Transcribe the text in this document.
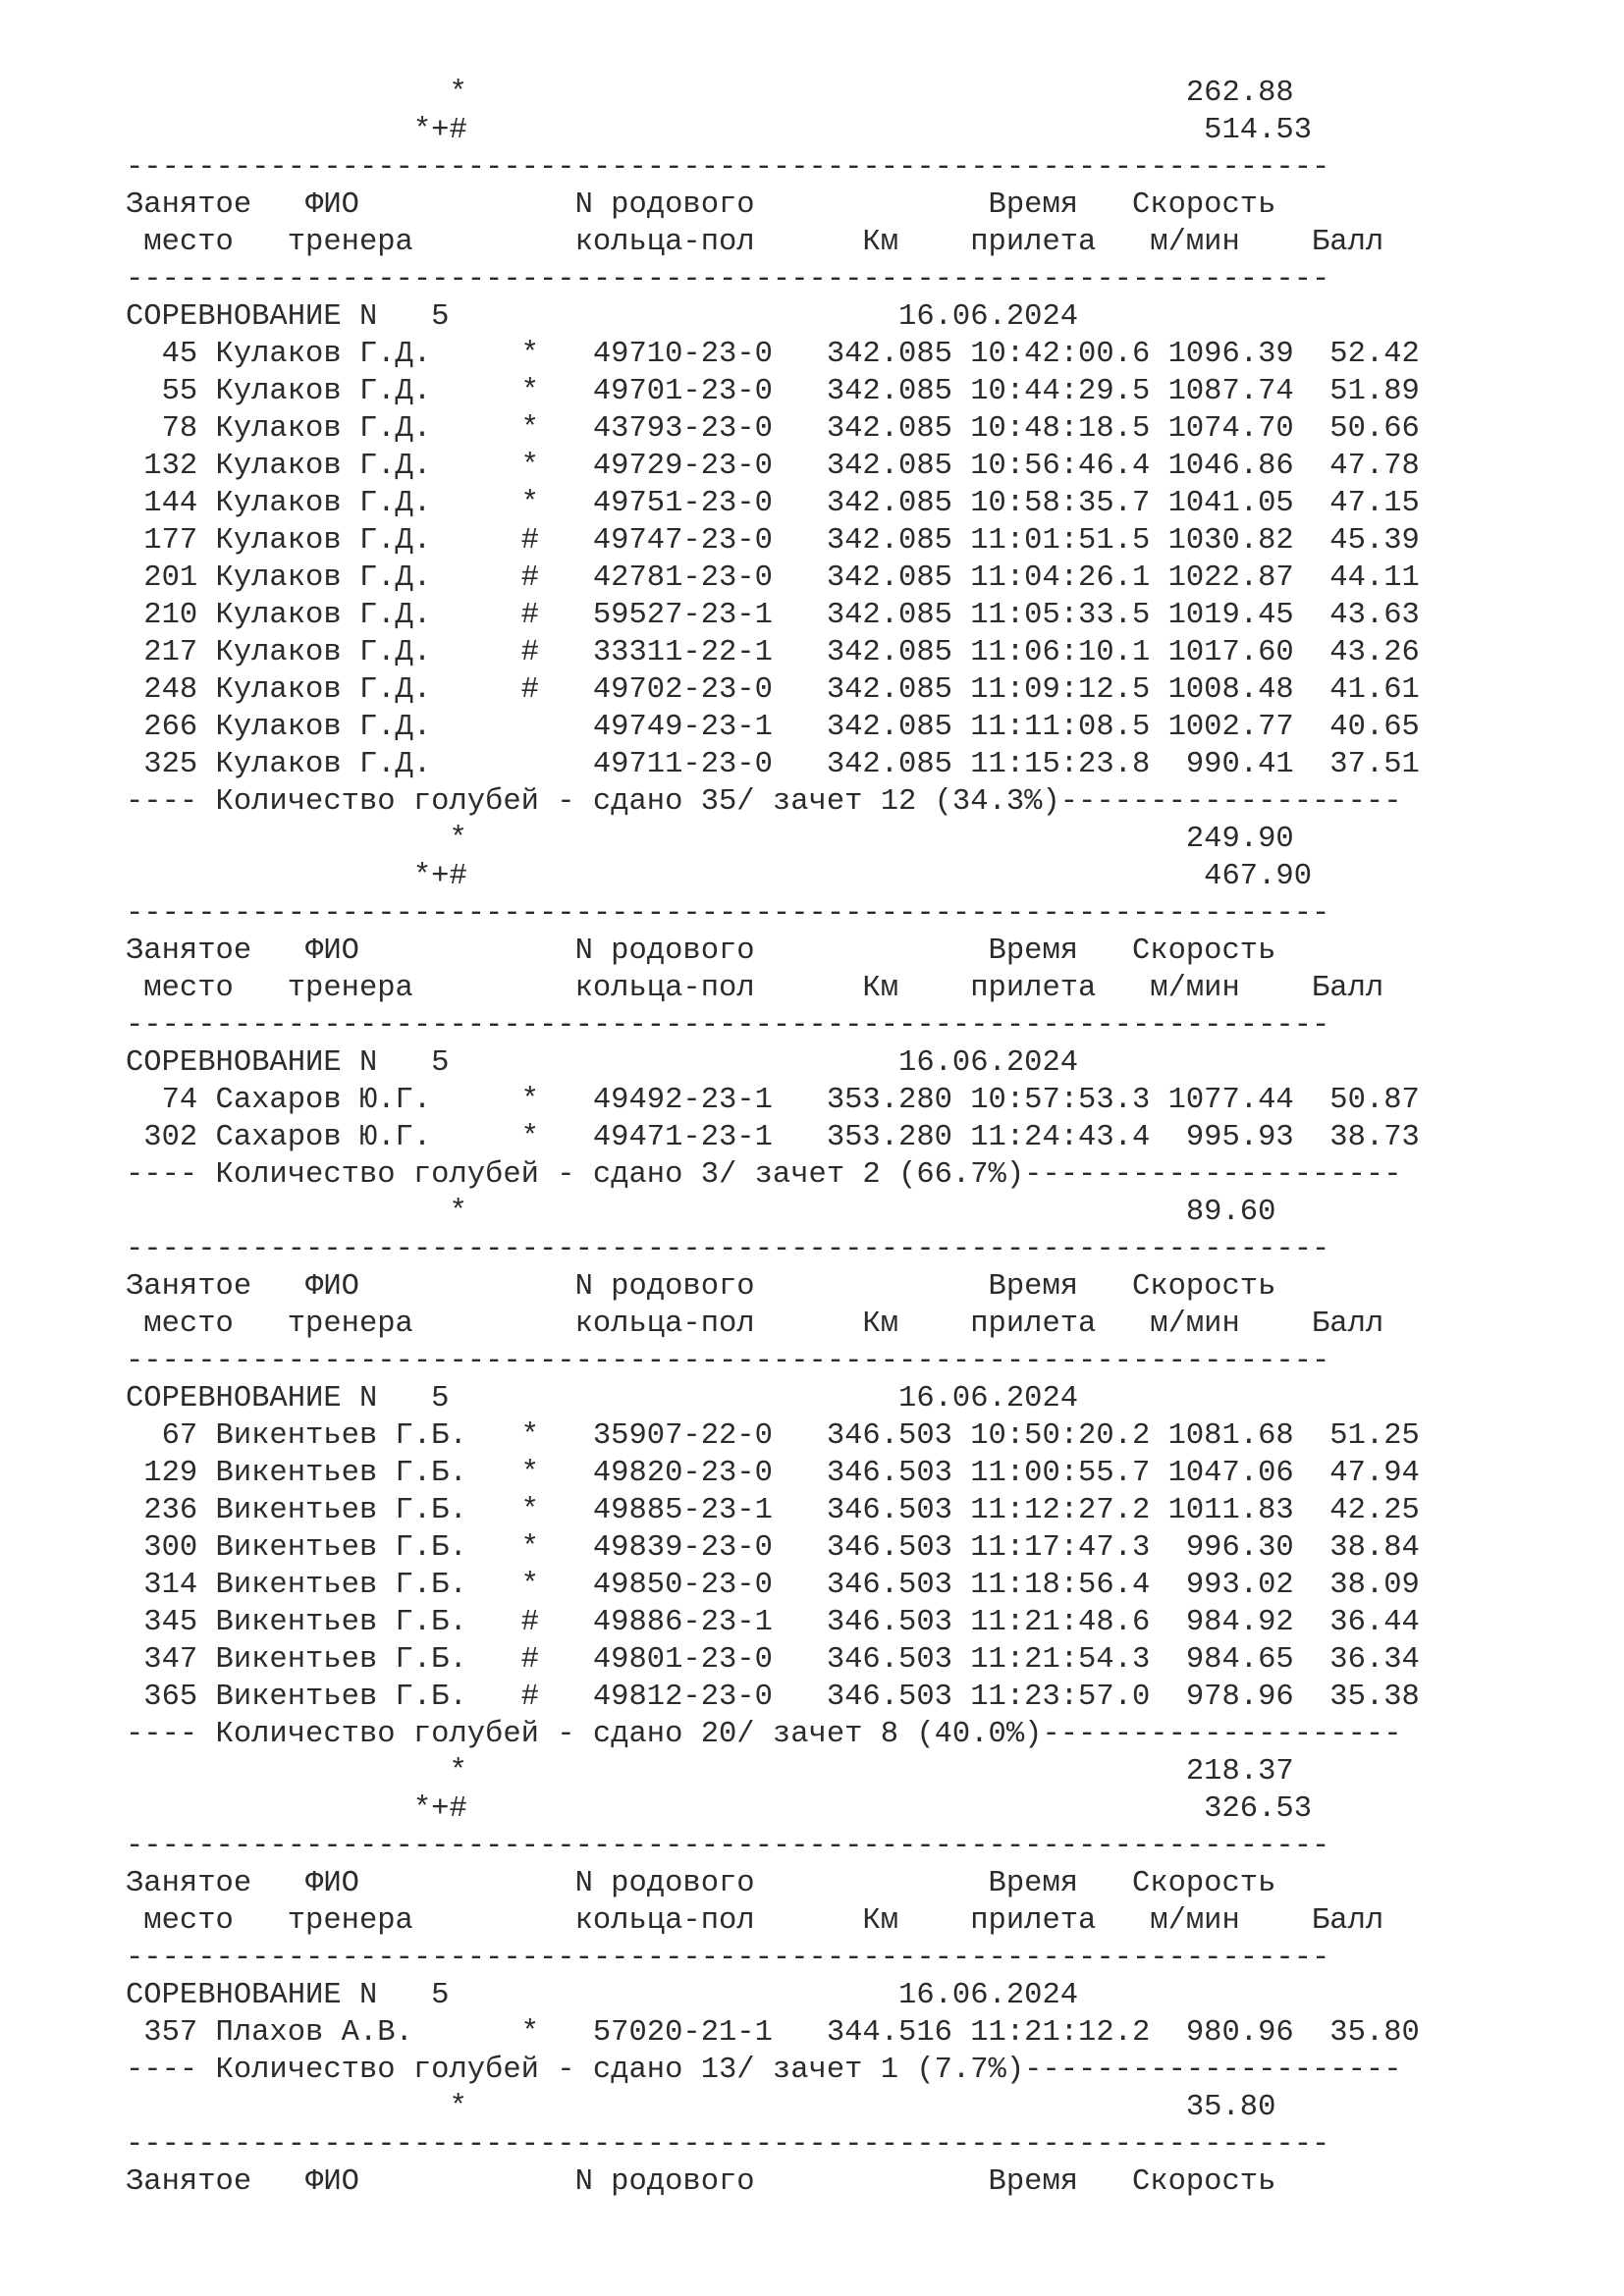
*                                        262.88
*+#                                         514.53
-------------------------------------------------------------------
Занятое   ФИО            N родового             Время   Скорость
место   тренера         кольца-пол      Км    прилета   м/мин    Балл
-------------------------------------------------------------------
СОРЕВНОВАНИЕ N   5                         16.06.2024
45 Кулаков Г.Д.     *   49710-23-0   342.085 10:42:00.6 1096.39  52.42
55 Кулаков Г.Д.     *   49701-23-0   342.085 10:44:29.5 1087.74  51.89
78 Кулаков Г.Д.     *   43793-23-0   342.085 10:48:18.5 1074.70  50.66
132 Кулаков Г.Д.     *   49729-23-0   342.085 10:56:46.4 1046.86  47.78
144 Кулаков Г.Д.     *   49751-23-0   342.085 10:58:35.7 1041.05  47.15
177 Кулаков Г.Д.     #   49747-23-0   342.085 11:01:51.5 1030.82  45.39
201 Кулаков Г.Д.     #   42781-23-0   342.085 11:04:26.1 1022.87  44.11
210 Кулаков Г.Д.     #   59527-23-1   342.085 11:05:33.5 1019.45  43.63
217 Кулаков Г.Д.     #   33311-22-1   342.085 11:06:10.1 1017.60  43.26
248 Кулаков Г.Д.     #   49702-23-0   342.085 11:09:12.5 1008.48  41.61
266 Кулаков Г.Д.         49749-23-1   342.085 11:11:08.5 1002.77  40.65
325 Кулаков Г.Д.         49711-23-0   342.085 11:15:23.8  990.41  37.51
---- Количество голубей - сдано 35/ зачет 12 (34.3%)-------------------
*                                        249.90
*+#                                         467.90
-------------------------------------------------------------------
Занятое   ФИО            N родового             Время   Скорость
место   тренера         кольца-пол      Км    прилета   м/мин    Балл
-------------------------------------------------------------------
СОРЕВНОВАНИЕ N   5                         16.06.2024
74 Сахаров Ю.Г.     *   49492-23-1   353.280 10:57:53.3 1077.44  50.87
302 Сахаров Ю.Г.     *   49471-23-1   353.280 11:24:43.4  995.93  38.73
---- Количество голубей - сдано 3/ зачет 2 (66.7%)---------------------
*                                        89.60
-------------------------------------------------------------------
Занятое   ФИО            N родового             Время   Скорость
место   тренера         кольца-пол      Км    прилета   м/мин    Балл
-------------------------------------------------------------------
СОРЕВНОВАНИЕ N   5                         16.06.2024
67 Викентьев Г.Б.   *   35907-22-0   346.503 10:50:20.2 1081.68  51.25
129 Викентьев Г.Б.   *   49820-23-0   346.503 11:00:55.7 1047.06  47.94
236 Викентьев Г.Б.   *   49885-23-1   346.503 11:12:27.2 1011.83  42.25
300 Викентьев Г.Б.   *   49839-23-0   346.503 11:17:47.3  996.30  38.84
314 Викентьев Г.Б.   *   49850-23-0   346.503 11:18:56.4  993.02  38.09
345 Викентьев Г.Б.   #   49886-23-1   346.503 11:21:48.6  984.92  36.44
347 Викентьев Г.Б.   #   49801-23-0   346.503 11:21:54.3  984.65  36.34
365 Викентьев Г.Б.   #   49812-23-0   346.503 11:23:57.0  978.96  35.38
---- Количество голубей - сдано 20/ зачет 8 (40.0%)--------------------
*                                        218.37
*+#                                         326.53
-------------------------------------------------------------------
Занятое   ФИО            N родового             Время   Скорость
место   тренера         кольца-пол      Км    прилета   м/мин    Балл
-------------------------------------------------------------------
СОРЕВНОВАНИЕ N   5                         16.06.2024
357 Плахов А.В.      *   57020-21-1   344.516 11:21:12.2  980.96  35.80
---- Количество голубей - сдано 13/ зачет 1 (7.7%)---------------------
*                                        35.80
-------------------------------------------------------------------
Занятое   ФИО            N родового             Время   Скорость
